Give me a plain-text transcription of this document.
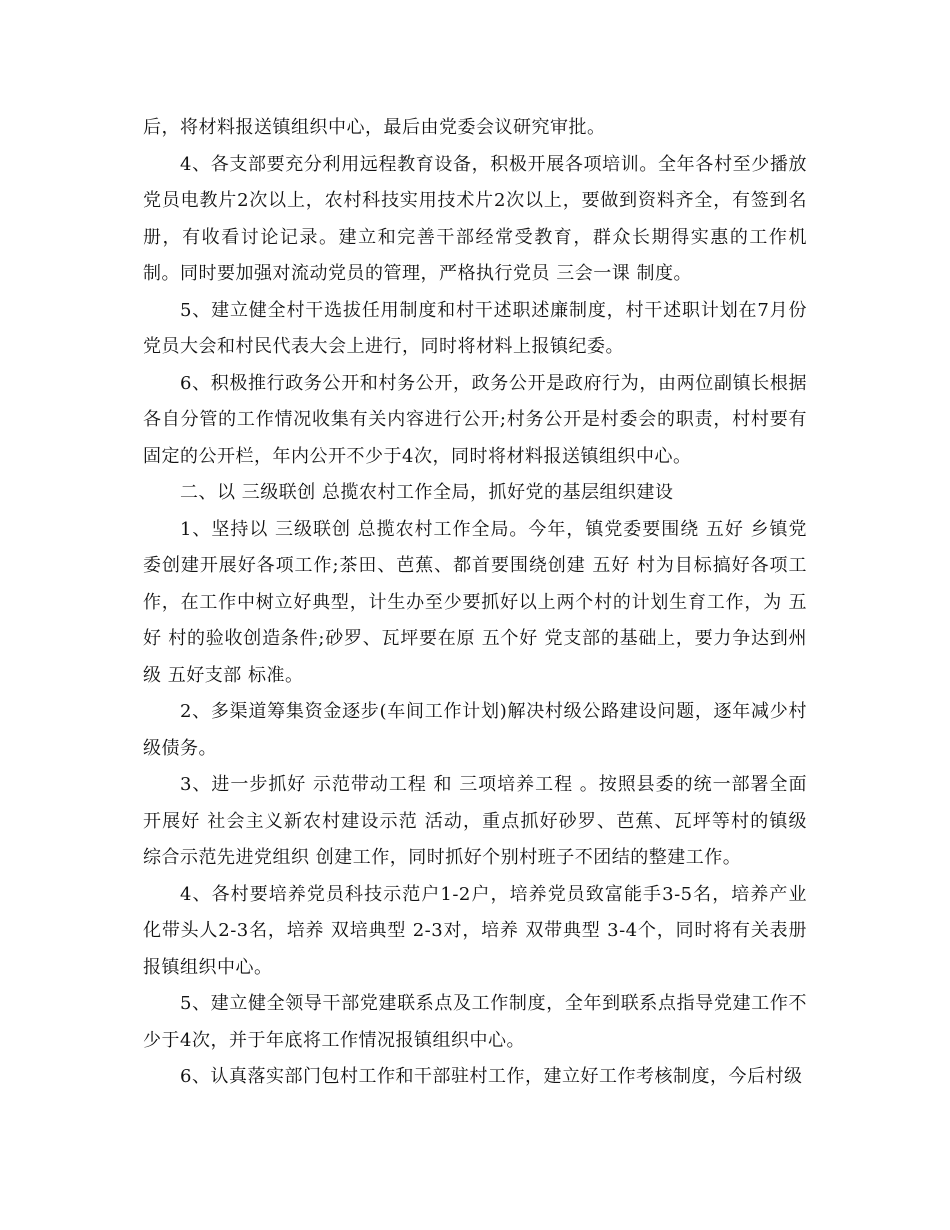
后，将材料报送镇组织中心，最后由党委会议研究审批。

4、各支部要充分利用远程教育设备，积极开展各项培训。全年各村至少播放党员电教片2次以上，农村科技实用技术片2次以上，要做到资料齐全，有签到名册，有收看讨论记录。建立和完善干部经常受教育，群众长期得实惠的工作机制。同时要加强对流动党员的管理，严格执行党员 三会一课 制度。

5、建立健全村干选拔任用制度和村干述职述廉制度，村干述职计划在7月份党员大会和村民代表大会上进行，同时将材料上报镇纪委。

6、积极推行政务公开和村务公开，政务公开是政府行为，由两位副镇长根据各自分管的工作情况收集有关内容进行公开;村务公开是村委会的职责，村村要有固定的公开栏，年内公开不少于4次，同时将材料报送镇组织中心。

二、以 三级联创 总揽农村工作全局，抓好党的基层组织建设

1、坚持以 三级联创 总揽农村工作全局。今年，镇党委要围绕 五好 乡镇党委创建开展好各项工作;茶田、芭蕉、都首要围绕创建 五好 村为目标搞好各项工作，在工作中树立好典型，计生办至少要抓好以上两个村的计划生育工作，为 五好 村的验收创造条件;砂罗、瓦坪要在原 五个好 党支部的基础上，要力争达到州级 五好支部 标准。

2、多渠道筹集资金逐步(车间工作计划)解决村级公路建设问题，逐年减少村级债务。

3、进一步抓好 示范带动工程 和 三项培养工程 。按照县委的统一部署全面开展好 社会主义新农村建设示范 活动，重点抓好砂罗、芭蕉、瓦坪等村的镇级 综合示范先进党组织 创建工作，同时抓好个别村班子不团结的整建工作。

4、各村要培养党员科技示范户1-2户，培养党员致富能手3-5名，培养产业化带头人2-3名，培养 双培典型 2-3对，培养 双带典型 3-4个，同时将有关表册报镇组织中心。

5、建立健全领导干部党建联系点及工作制度，全年到联系点指导党建工作不少于4次，并于年底将工作情况报镇组织中心。

6、认真落实部门包村工作和干部驻村工作，建立好工作考核制度，今后村级
